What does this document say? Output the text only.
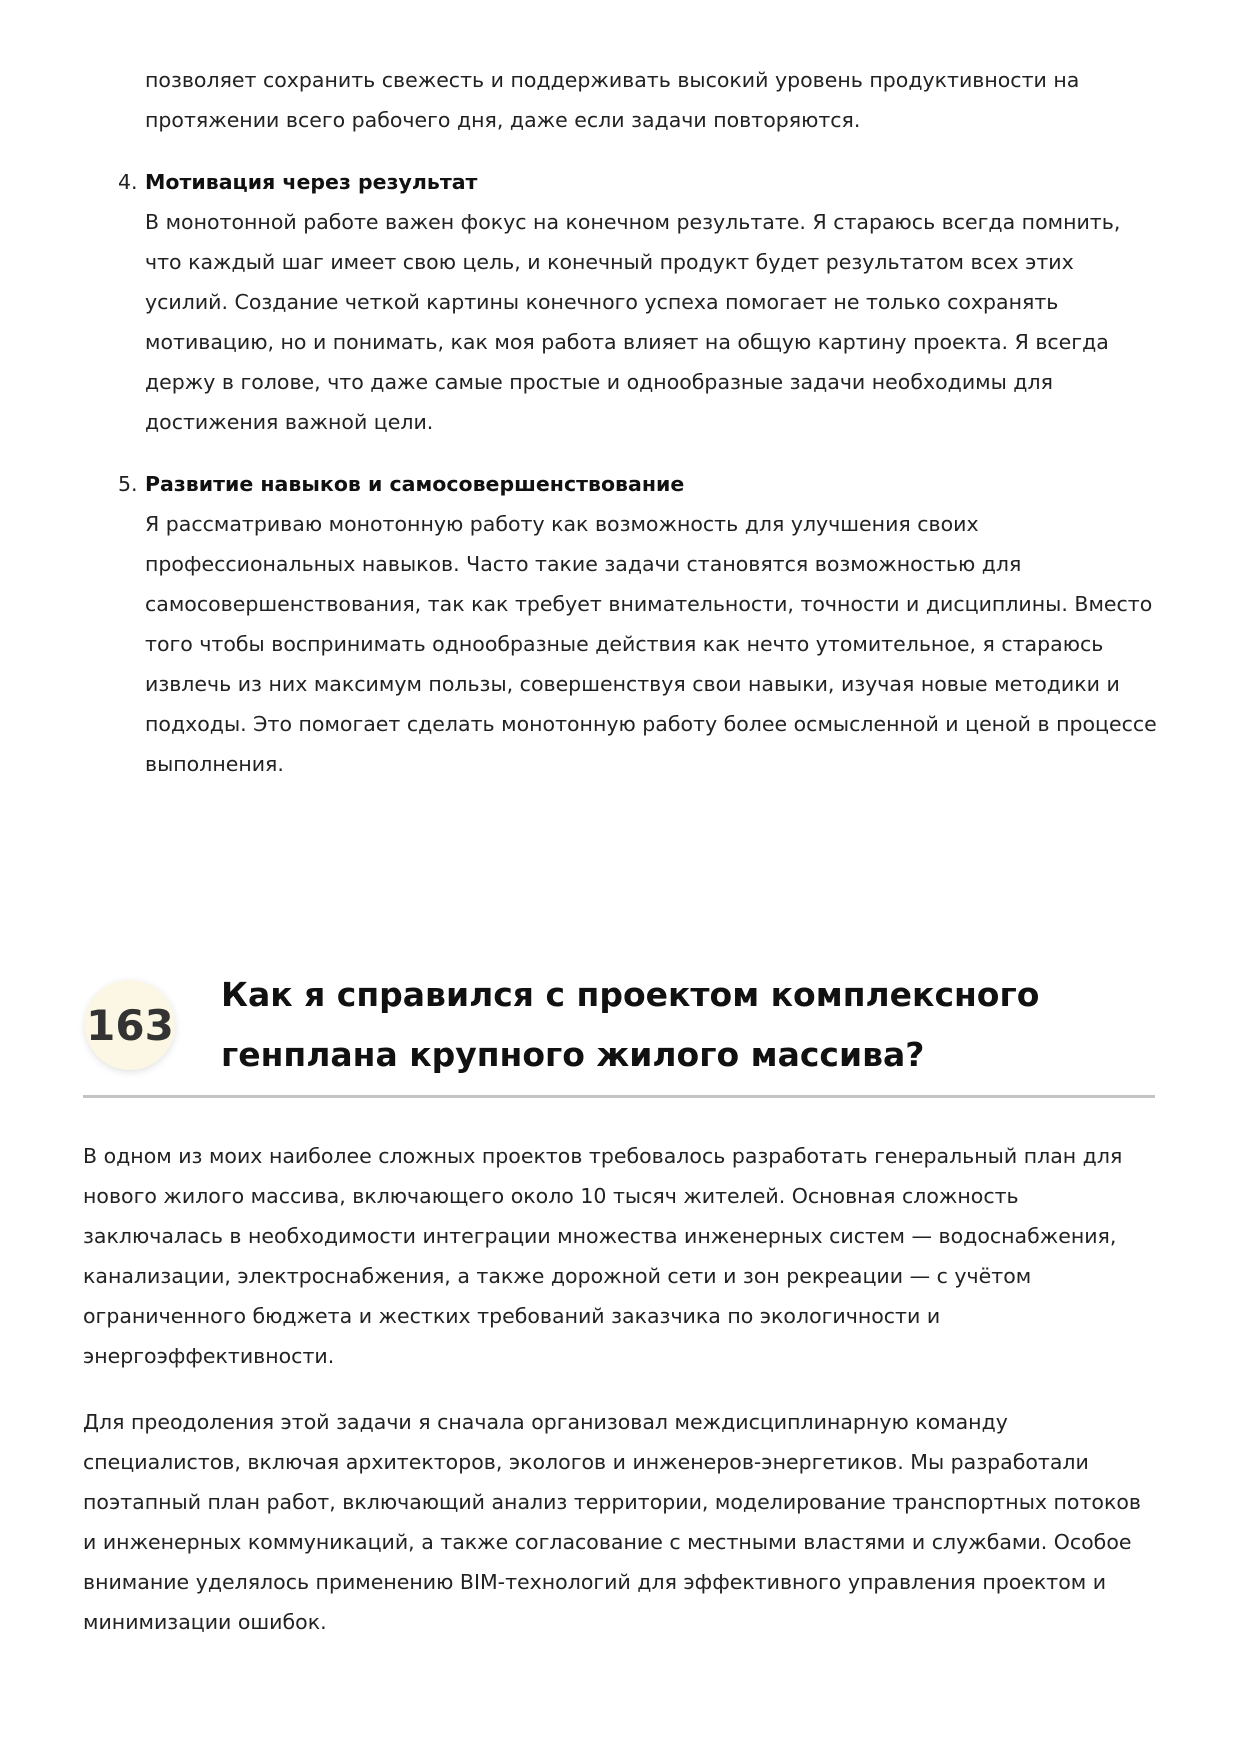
позволяет сохранить свежесть и поддерживать высокий уровень продуктивности на протяжении всего рабочего дня, даже если задачи повторяются.

4. Мотивация через результат

В монотонной работе важен фокус на конечном результате. Я стараюсь всегда помнить, что каждый шаг имеет свою цель, и конечный продукт будет результатом всех этих усилий. Создание четкой картины конечного успеха помогает не только сохранять мотивацию, но и понимать, как моя работа влияет на общую картину проекта. Я всегда держу в голове, что даже самые простые и однообразные задачи необходимы для достижения важной цели.

5. Развитие навыков и самосовершенствование

Я рассматриваю монотонную работу как возможность для улучшения своих профессиональных навыков. Часто такие задачи становятся возможностью для самосовершенствования, так как требует внимательности, точности и дисциплины. Вместо того чтобы воспринимать однообразные действия как нечто утомительное, я стараюсь извлечь из них максимум пользы, совершенствуя свои навыки, изучая новые методики и подходы. Это помогает сделать монотонную работу более осмысленной и ценой в процессе выполнения.

163
Как я справился с проектом комплексного генплана крупного жилого массива?

В одном из моих наиболее сложных проектов требовалось разработать генеральный план для нового жилого массива, включающего около 10 тысяч жителей. Основная сложность заключалась в необходимости интеграции множества инженерных систем — водоснабжения, канализации, электроснабжения, а также дорожной сети и зон рекреации — с учётом ограниченного бюджета и жестких требований заказчика по экологичности и энергоэффективности.

Для преодоления этой задачи я сначала организовал междисциплинарную команду специалистов, включая архитекторов, экологов и инженеров-энергетиков. Мы разработали поэтапный план работ, включающий анализ территории, моделирование транспортных потоков и инженерных коммуникаций, а также согласование с местными властями и службами. Особое внимание уделялось применению BIM-технологий для эффективного управления проектом и минимизации ошибок.
